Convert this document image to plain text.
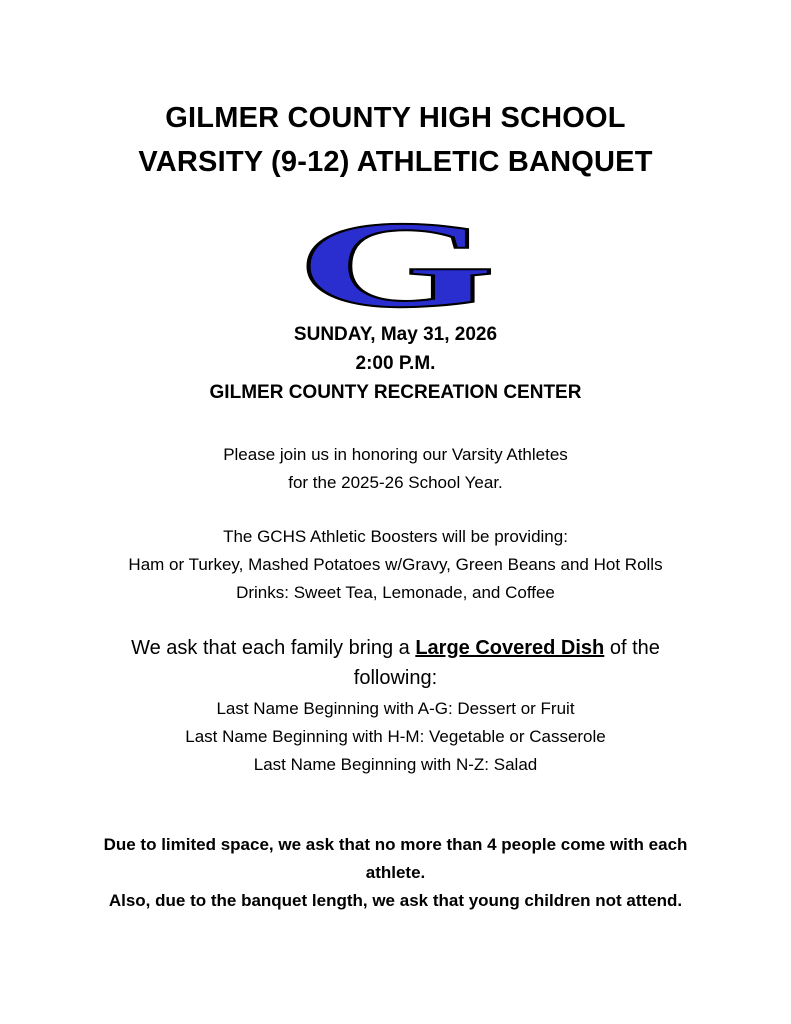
GILMER COUNTY HIGH SCHOOL
VARSITY (9-12) ATHLETIC BANQUET
G
SUNDAY, May 31, 2026
2:00 P.M.
GILMER COUNTY RECREATION CENTER
Please join us in honoring our Varsity Athletes
for the 2025-26 School Year.
The GCHS Athletic Boosters will be providing:
Ham or Turkey, Mashed Potatoes w/Gravy, Green Beans and Hot Rolls
Drinks: Sweet Tea, Lemonade, and Coffee

We ask that each family bring a Large Covered Dish of the following:

Last Name Beginning with A-G: Dessert or Fruit
Last Name Beginning with H-M: Vegetable or Casserole
Last Name Beginning with N-Z: Salad

Due to limited space, we ask that no more than 4 people come with each athlete.

Also, due to the banquet length, we ask that young children not attend.
